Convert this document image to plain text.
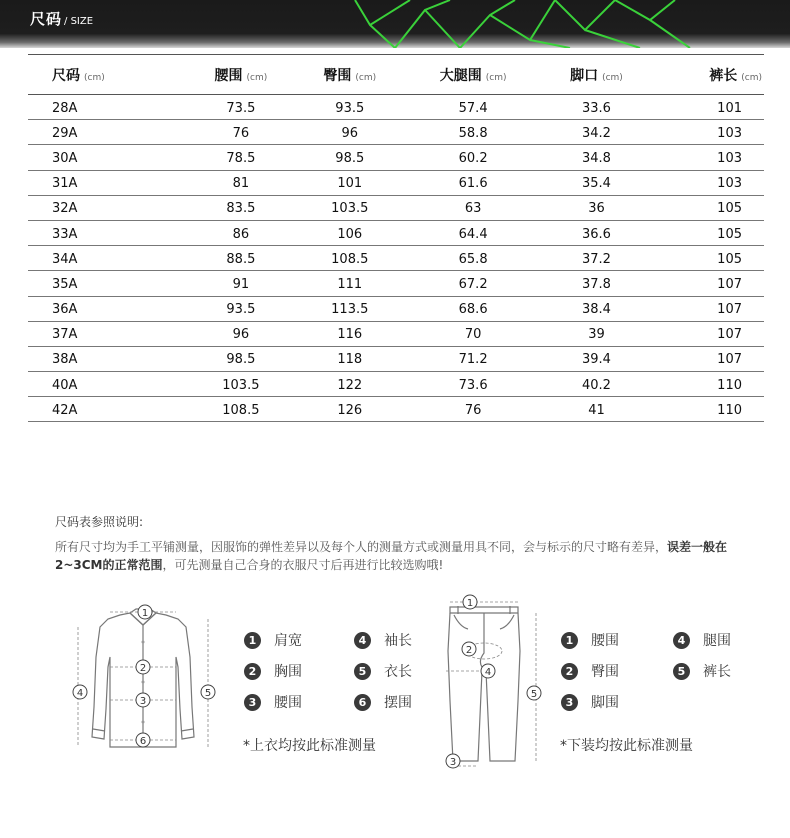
尺码 / SIZE
尺码 (cm)	腰围 (cm)	臀围 (cm)	大腿围 (cm)	脚口 (cm)	裤长 (cm)
28A	73.5	93.5	57.4	33.6	101
29A	76	96	58.8	34.2	103
30A	78.5	98.5	60.2	34.8	103
31A	81	101	61.6	35.4	103
32A	83.5	103.5	63	36	105
33A	86	106	64.4	36.6	105
34A	88.5	108.5	65.8	37.2	105
35A	91	111	67.2	37.8	107
36A	93.5	113.5	68.6	38.4	107
37A	96	116	70	39	107
38A	98.5	118	71.2	39.4	107
40A	103.5	122	73.6	40.2	110
42A	108.5	126	76	41	110
尺码表参照说明:
所有尺寸均为手工平铺测量，因服饰的弹性差异以及每个人的测量方式或测量用具不同，会与标示的尺寸略有差异，误差一般在2~3CM的正常范围，可先测量自己合身的衣服尺寸后再进行比较选购哦!
1
2
3
4	5
6
1	肩宽	4	袖长
2	胸围	5	衣长
3	腰围	6	摆围
*上衣均按此标准测量
1
2
4
5
3
1	腰围	4	腿围
2	臀围	5	裤长
3	脚围
*下装均按此标准测量
